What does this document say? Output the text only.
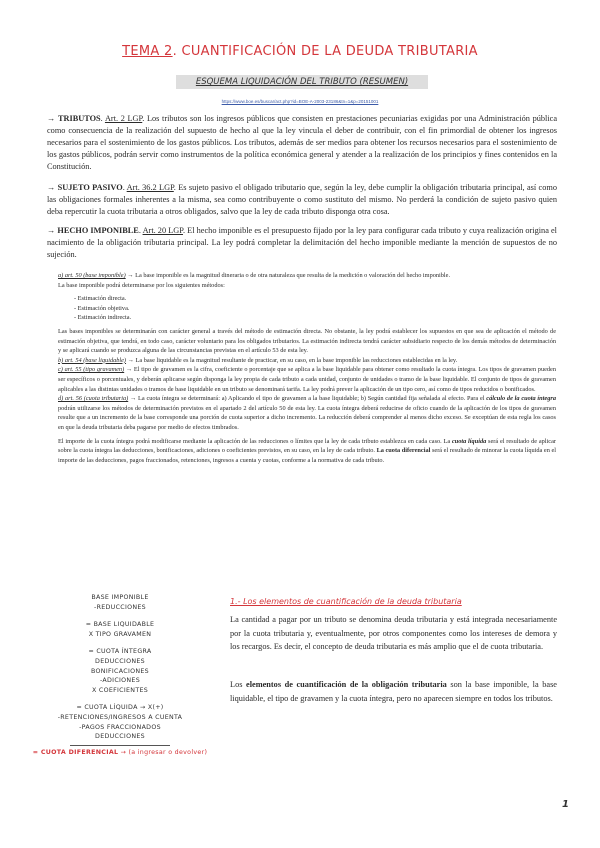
TEMA 2. CUANTIFICACIÓN DE LA DEUDA TRIBUTARIA
ESQUEMA LIQUIDACIÓN DEL TRIBUTO (RESUMEN)
https://www.boe.es/buscar/act.php?id=BOE-A-2003-23186&tn=1&p=20151001
→ TRIBUTOS. Art. 2 LGP. Los tributos son los ingresos públicos que consisten en prestaciones pecuniarias exigidas por una Administración pública como consecuencia de la realización del supuesto de hecho al que la ley vincula el deber de contribuir, con el fin primordial de obtener los ingresos necesarios para el sostenimiento de los gastos públicos. Los tributos, además de ser medios para obtener los recursos necesarios para el sostenimiento de los gastos públicos, podrán servir como instrumentos de la política económica general y atender a la realización de los principios y fines contenidos en la Constitución.
→ SUJETO PASIVO. Art. 36.2 LGP. Es sujeto pasivo el obligado tributario que, según la ley, debe cumplir la obligación tributaria principal, así como las obligaciones formales inherentes a la misma, sea como contribuyente o como sustituto del mismo. No perderá la condición de sujeto pasivo quien deba repercutir la cuota tributaria a otros obligados, salvo que la ley de cada tributo disponga otra cosa.
→ HECHO IMPONIBLE. Art. 20 LGP. El hecho imponible es el presupuesto fijado por la ley para configurar cada tributo y cuya realización origina el nacimiento de la obligación tributaria principal. La ley podrá completar la delimitación del hecho imponible mediante la mención de supuestos de no sujeción.
a) art. 50 (base imponible) → La base imponible es la magnitud dineraria o de otra naturaleza que resulta de la medición o valoración del hecho imponible.
La base imponible podrá determinarse por los siguientes métodos:
- Estimación directa.
- Estimación objetiva.
- Estimación indirecta.
Las bases imponibles se determinarán con carácter general a través del método de estimación directa. No obstante, la ley podrá establecer los supuestos en que sea de aplicación el método de estimación objetiva, que tendrá, en todo caso, carácter voluntario para los obligados tributarios. La estimación indirecta tendrá carácter subsidiario respecto de los demás métodos de determinación y se aplicará cuando se produzca alguna de las circunstancias previstas en el artículo 53 de esta ley.
b) art. 54 (base liquidable) → La base liquidable es la magnitud resultante de practicar, en su caso, en la base imponible las reducciones establecidas en la ley.
c) art. 55 (tipo gravamen) → El tipo de gravamen es la cifra, coeficiente o porcentaje que se aplica a la base liquidable para obtener como resultado la cuota íntegra. Los tipos de gravamen pueden ser específicos o porcentuales, y deberán aplicarse según disponga la ley propia de cada tributo a cada unidad, conjunto de unidades o tramo de la base liquidable. El conjunto de tipos de gravamen aplicables a las distintas unidades o tramos de base liquidable en un tributo se denominará tarifa. La ley podrá prever la aplicación de un tipo cero, así como de tipos reducidos o bonificados.
d) art. 56 (cuota tributaria) → La cuota íntegra se determinará: a) Aplicando el tipo de gravamen a la base liquidable; b) Según cantidad fija señalada al efecto. Para el cálculo de la cuota íntegra podrán utilizarse los métodos de determinación previstos en el apartado 2 del artículo 50 de esta ley. La cuota íntegra deberá reducirse de oficio cuando de la aplicación de los tipos de gravamen resulte que a un incremento de la base corresponde una porción de cuota superior a dicho incremento. La reducción deberá comprender al menos dicho exceso. Se exceptúan de esta regla los casos en que la deuda tributaria deba pagarse por medio de efectos timbrados.
El importe de la cuota íntegra podrá modificarse mediante la aplicación de las reducciones o límites que la ley de cada tributo establezca en cada caso. La cuota líquida será el resultado de aplicar sobre la cuota íntegra las deducciones, bonificaciones, adiciones o coeficientes previstos, en su caso, en la ley de cada tributo. La cuota diferencial será el resultado de minorar la cuota líquida en el importe de las deducciones, pagos fraccionados, retenciones, ingresos a cuenta y cuotas, conforme a la normativa de cada tributo.
BASE IMPONIBLE
-REDUCCIONES
= BASE LIQUIDABLE
X TIPO GRAVAMEN
= CUOTA ÍNTEGRA
DEDUCCIONES
BONIFICACIONES
-ADICIONES
X COEFICIENTES
= CUOTA LÍQUIDA → X(+)
-RETENCIONES/INGRESOS A CUENTA
-PAGOS FRACCIONADOS
DEDUCCIONES
= CUOTA DIFERENCIAL → (a ingresar o devolver)
1.- Los elementos de cuantificación de la deuda tributaria
La cantidad a pagar por un tributo se denomina deuda tributaria y está integrada necesariamente por la cuota tributaria y, eventualmente, por otros componentes como los intereses de demora y los recargos. Es decir, el concepto de deuda tributaria es más amplio que el de cuota tributaria.
Los elementos de cuantificación de la obligación tributaria son la base imponible, la base liquidable, el tipo de gravamen y la cuota íntegra, pero no aparecen siempre en todos los tributos.
1
